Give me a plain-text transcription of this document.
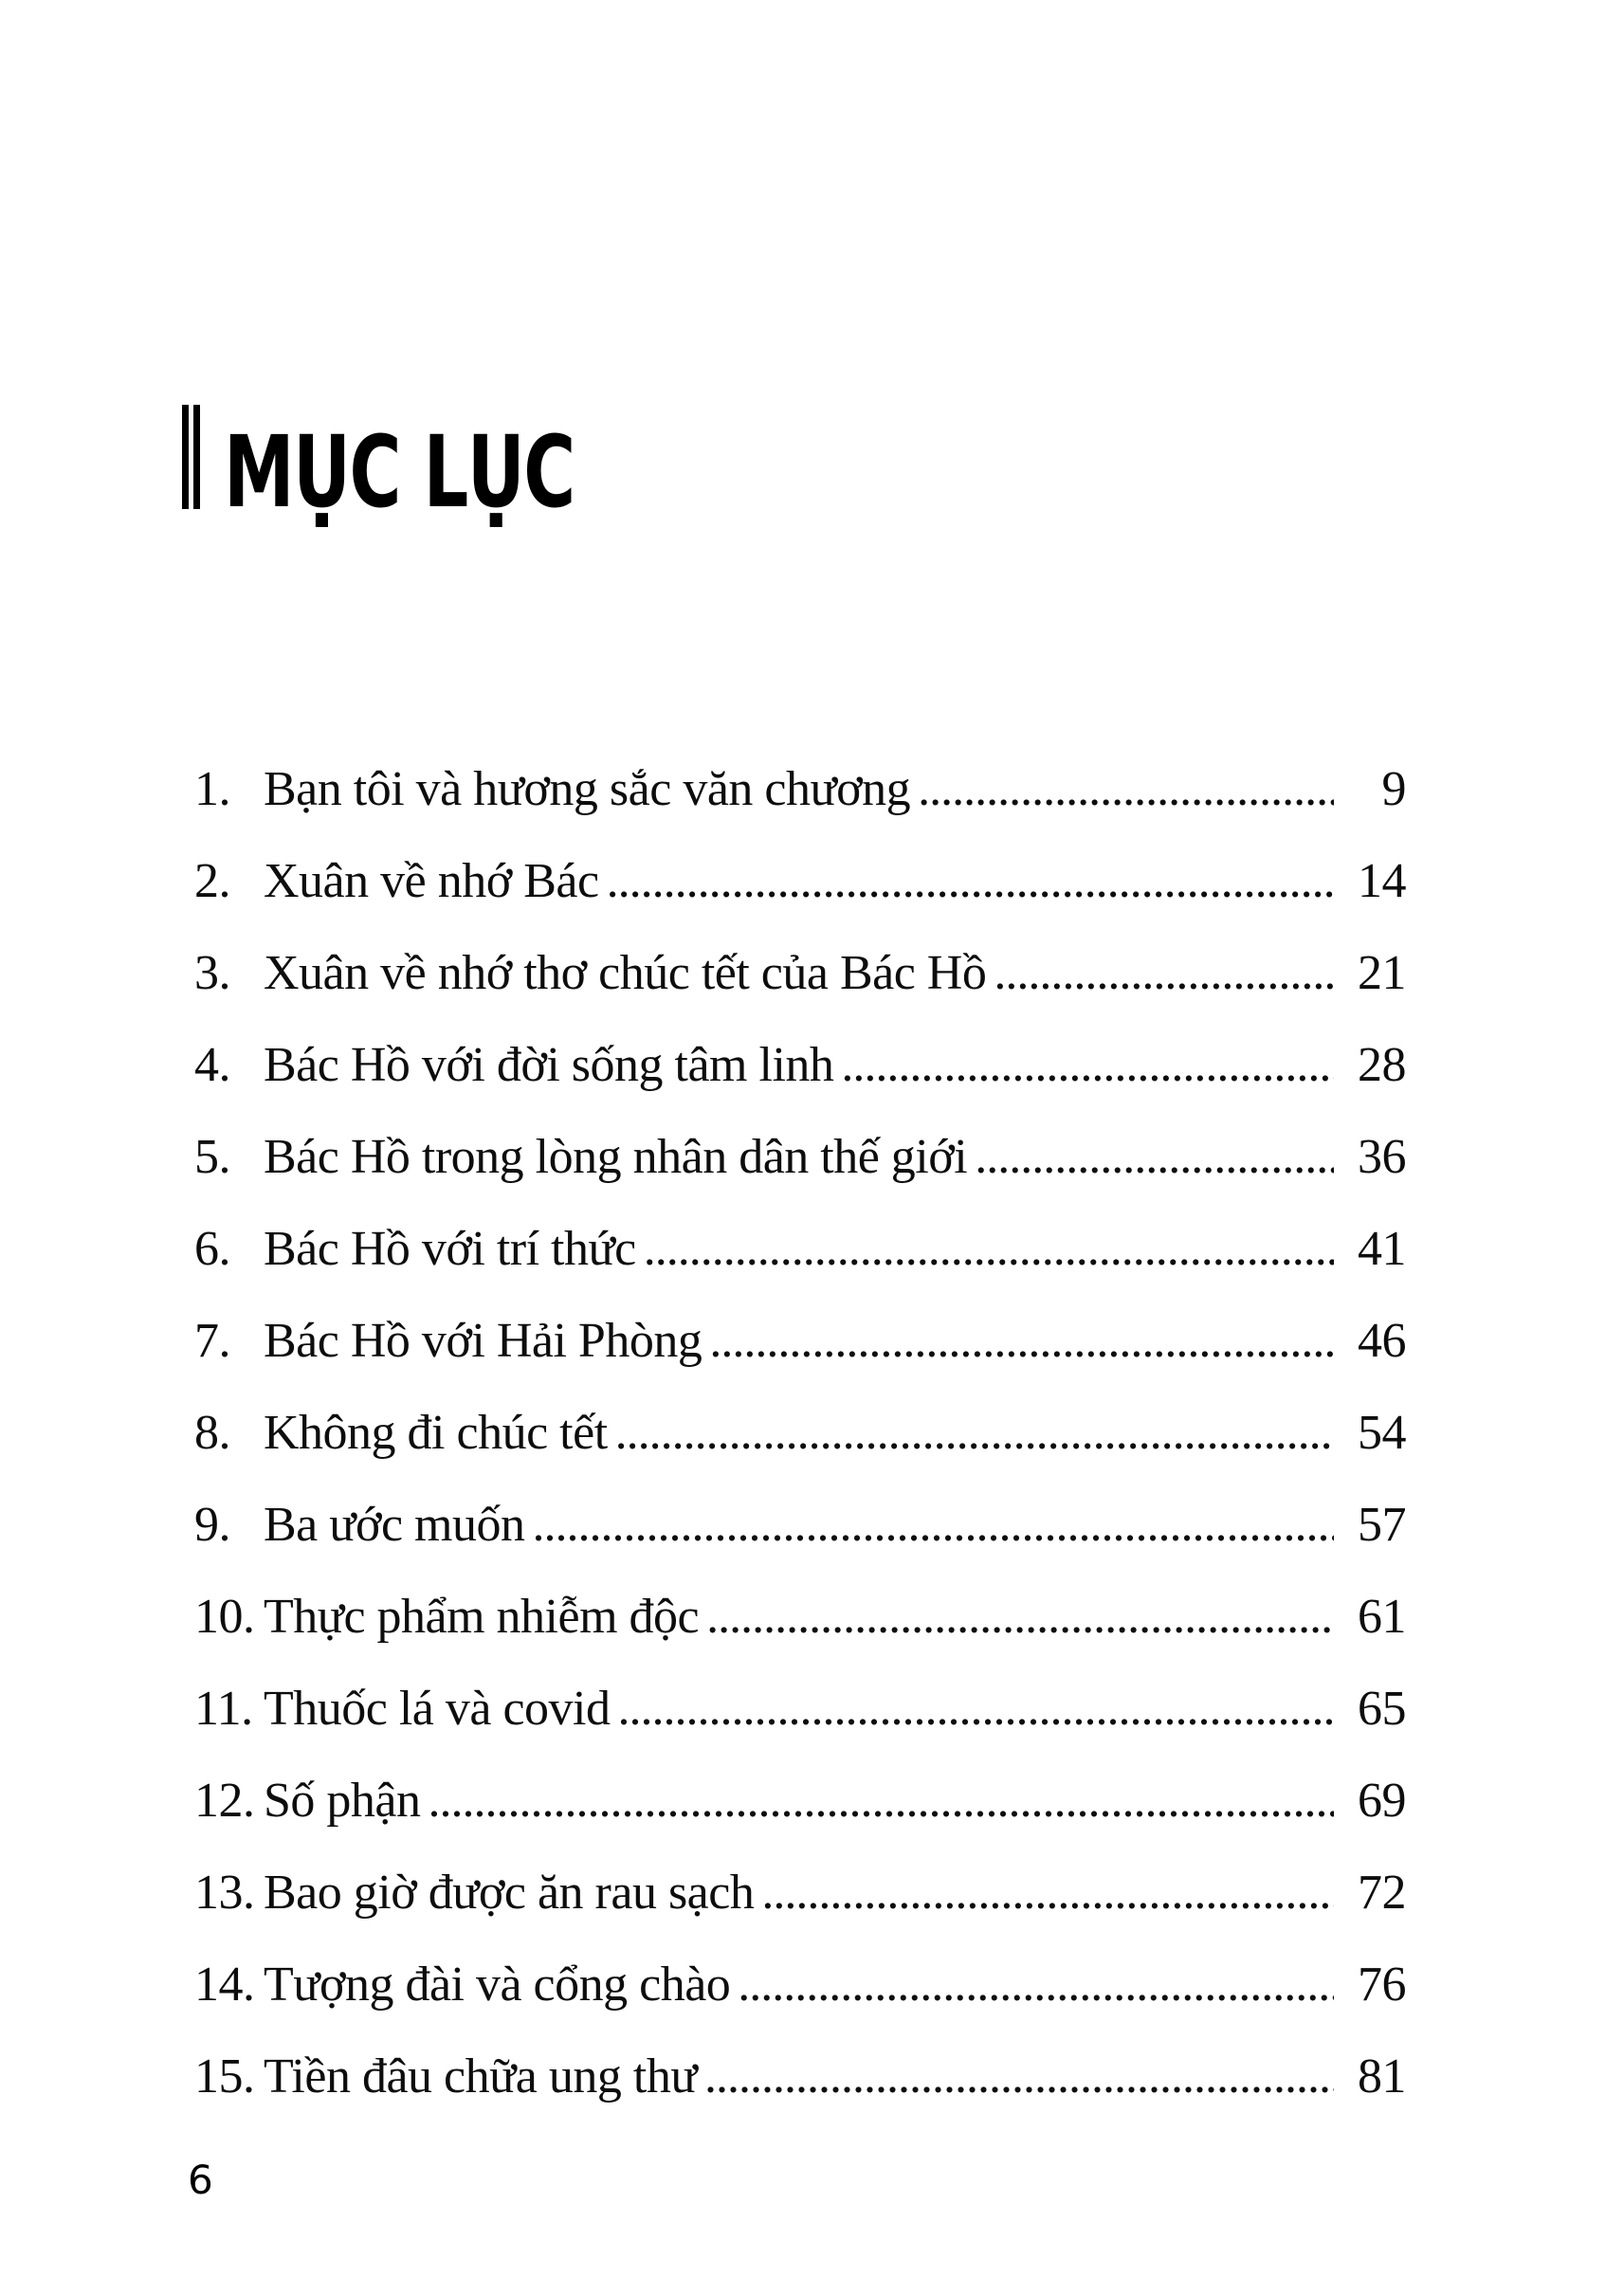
MỤC LỤC
1. Bạn tôi và hương sắc văn chương .....	9
2. Xuân về nhớ Bác .....	14
3. Xuân về nhớ thơ chúc tết của Bác Hồ .....	21
4. Bác Hồ với đời sống tâm linh .....	28
5. Bác Hồ trong lòng nhân dân thế giới .....	36
6. Bác Hồ với trí thức .....	41
7. Bác Hồ với Hải Phòng .....	46
8. Không đi chúc tết .....	54
9. Ba ước muốn .....	57
10. Thực phẩm nhiễm độc .....	61
11. Thuốc lá và covid .....	65
12. Số phận .....	69
13. Bao giờ được ăn rau sạch .....	72
14. Tượng đài và cổng chào .....	76
15. Tiền đâu chữa ung thư .....	81
6
